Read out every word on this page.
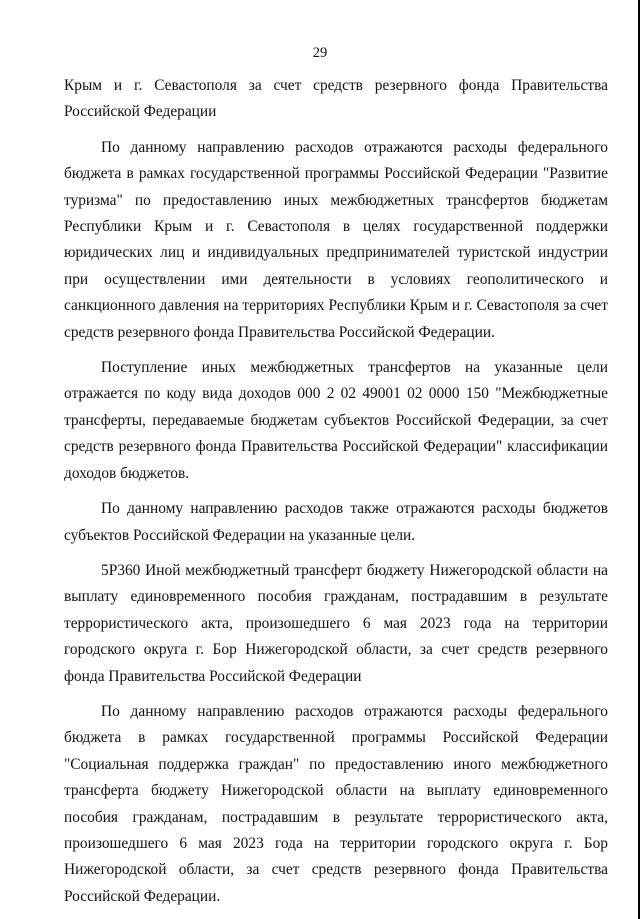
29

Крым и г. Севастополя за счет средств резервного фонда Правительства Российской Федерации

По данному направлению расходов отражаются расходы федерального бюджета в рамках государственной программы Российской Федерации "Развитие туризма" по предоставлению иных межбюджетных трансфертов бюджетам Республики Крым и г. Севастополя в целях государственной поддержки юридических лиц и индивидуальных предпринимателей туристской индустрии при осуществлении ими деятельности в условиях геополитического и санкционного давления на территориях Республики Крым и г. Севастополя за счет средств резервного фонда Правительства Российской Федерации.

Поступление иных межбюджетных трансфертов на указанные цели отражается по коду вида доходов 000 2 02 49001 02 0000 150 "Межбюджетные трансферты, передаваемые бюджетам субъектов Российской Федерации, за счет средств резервного фонда Правительства Российской Федерации" классификации доходов бюджетов.

По данному направлению расходов также отражаются расходы бюджетов субъектов Российской Федерации на указанные цели.

5Р360 Иной межбюджетный трансферт бюджету Нижегородской области на выплату единовременного пособия гражданам, пострадавшим в результате террористического акта, произошедшего 6 мая 2023 года на территории городского округа г. Бор Нижегородской области, за счет средств резервного фонда Правительства Российской Федерации

По данному направлению расходов отражаются расходы федерального бюджета в рамках государственной программы Российской Федерации "Социальная поддержка граждан" по предоставлению иного межбюджетного трансферта бюджету Нижегородской области на выплату единовременного пособия гражданам, пострадавшим в результате террористического акта, произошедшего 6 мая 2023 года на территории городского округа г. Бор Нижегородской области, за счет средств резервного фонда Правительства Российской Федерации.
